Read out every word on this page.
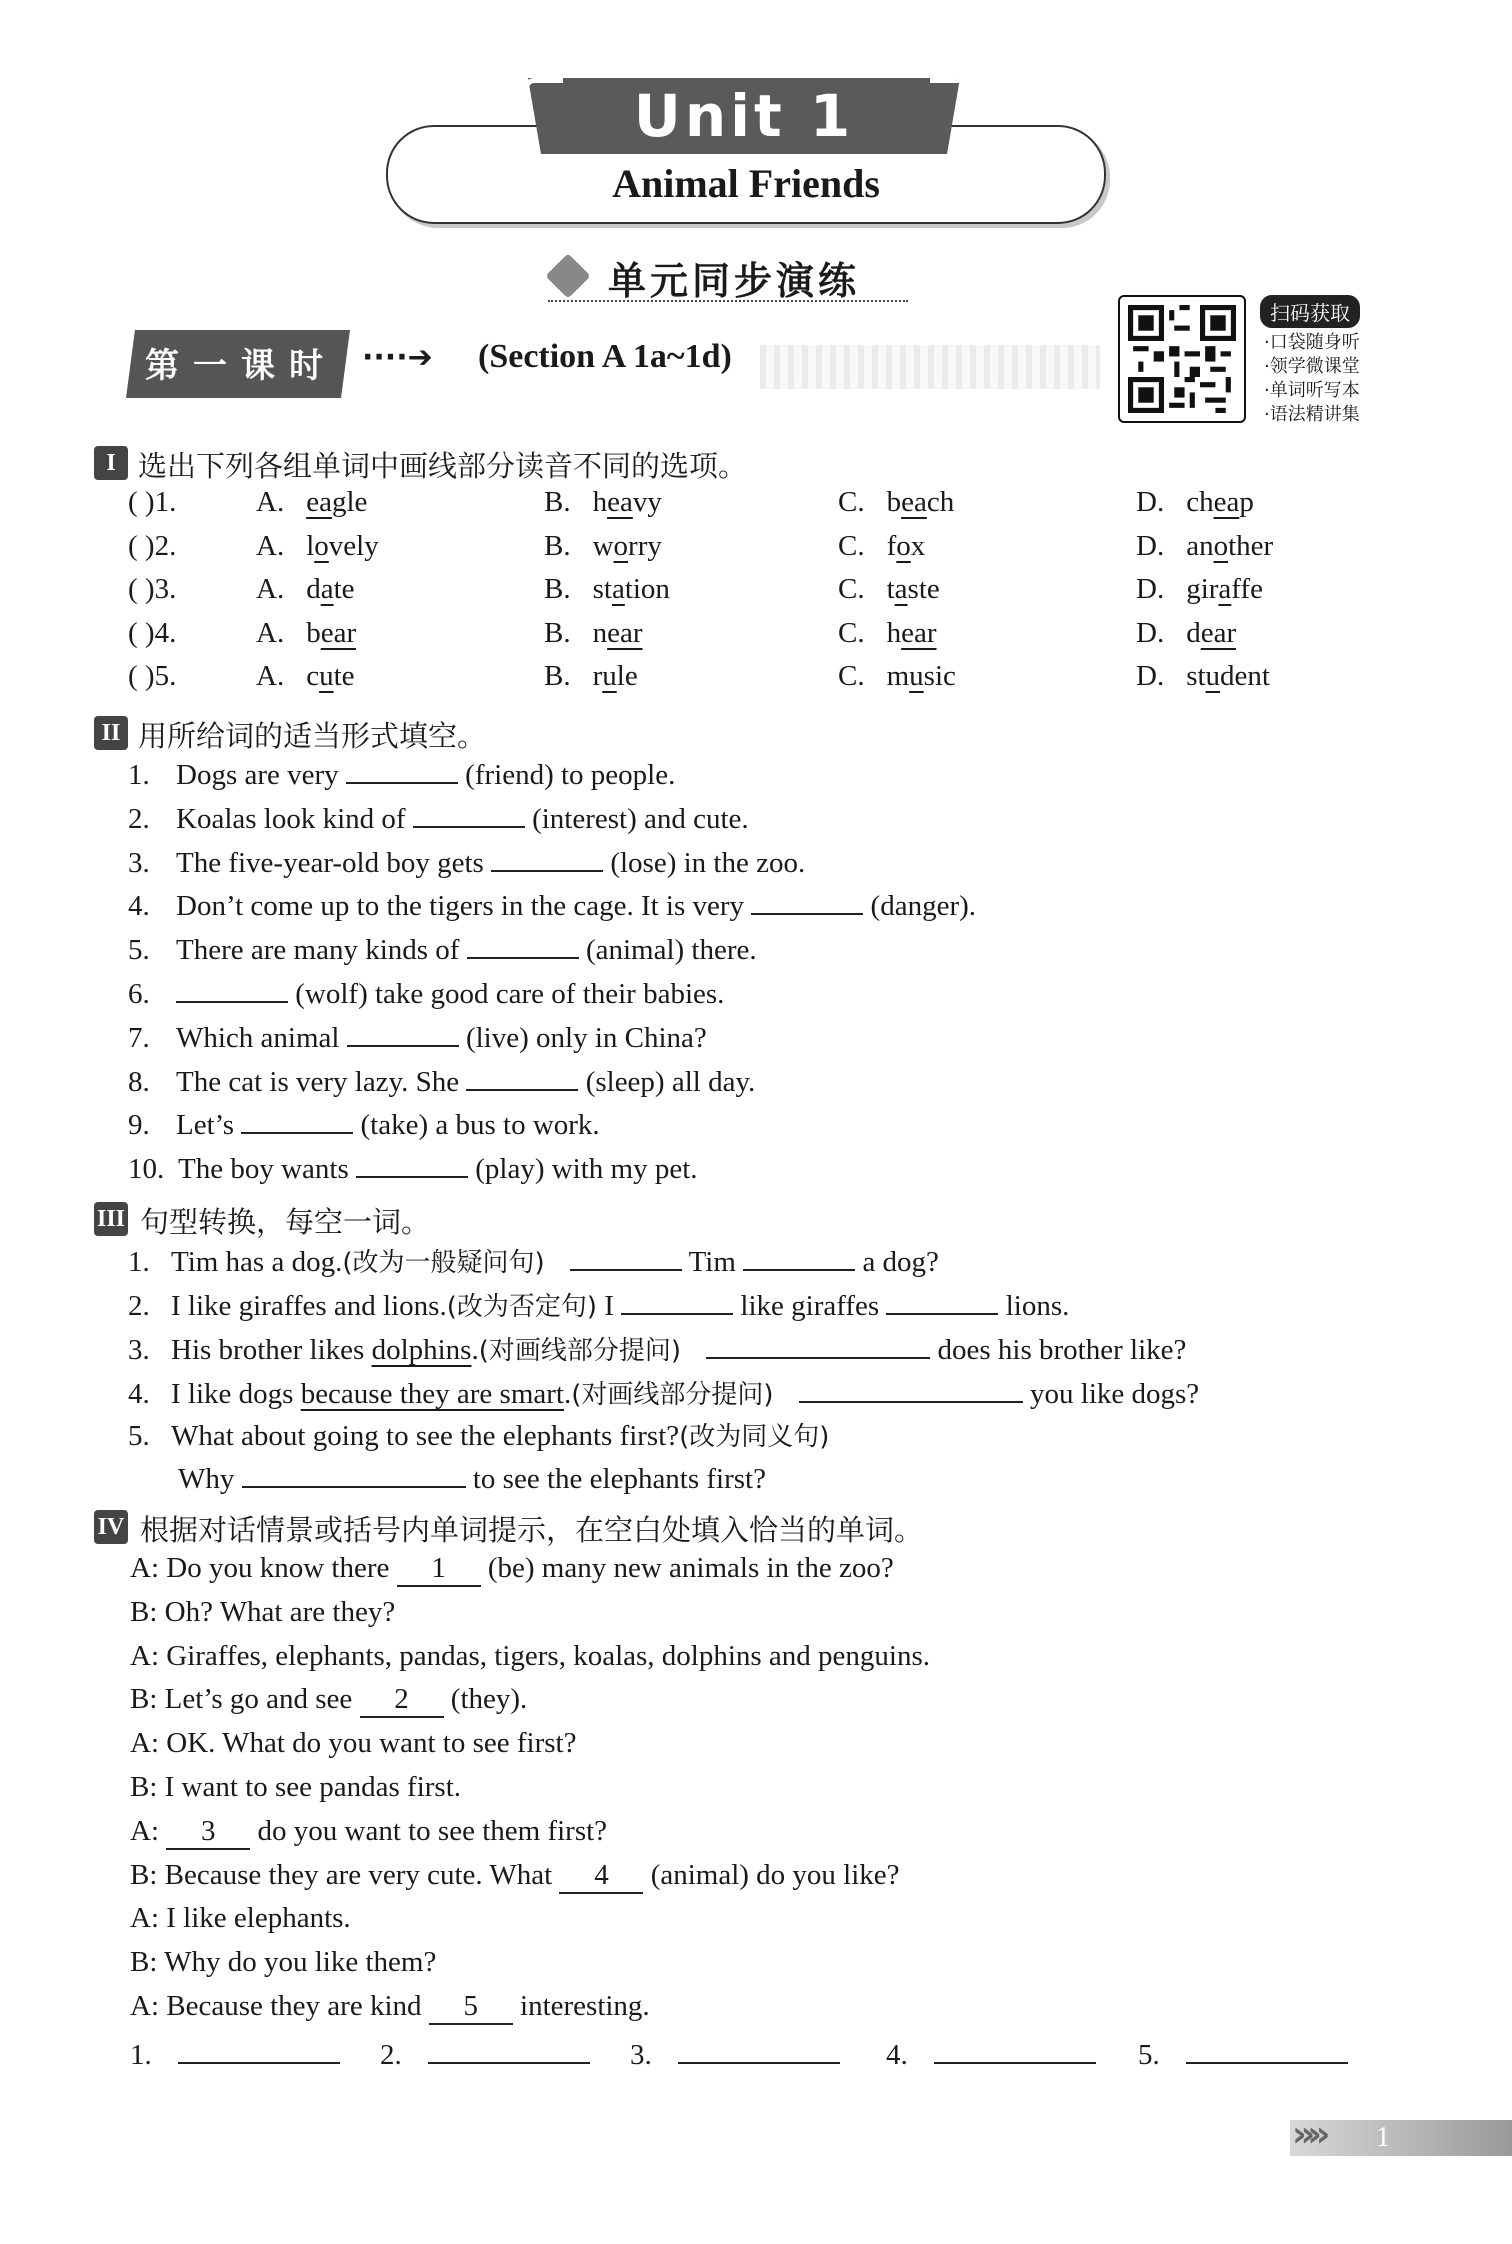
Unit 1
Animal Friends
单元同步演练
扫码获取
·口袋随身听
·领学微课堂
·单词听写本
·语法精讲集
第一课时 ····➔ (Section A 1a~1d)
I 选出下列各组单词中画线部分读音不同的选项。
( )1.	A. eagle	B. heavy	C. beach	D. cheap
( )2.	A. lovely	B. worry	C. fox	D. another
( )3.	A. date	B. station	C. taste	D. giraffe
( )4.	A. bear	B. near	C. hear	D. dear
( )5.	A. cute	B. rule	C. music	D. student
II 用所给词的适当形式填空。
1. Dogs are very	(friend) to people.
2. Koalas look kind of	(interest) and cute.
3. The five-year-old boy gets	(lose) in the zoo.
4. Don’t come up to the tigers in the cage. It is very	(danger).
5. There are many kinds of	(animal) there.
6.	(wolf) take good care of their babies.
7. Which animal	(live) only in China?
8. The cat is very lazy. She	(sleep) all day.
9. Let’s	(take) a bus to work.
10. The boy wants	(play) with my pet.
III 句型转换，每空一词。
1. Tim has a dog.(改为一般疑问句)	Tim	a dog?
2. I like giraffes and lions.(改为否定句) I	like giraffes	lions.
3. His brother likes dolphins.(对画线部分提问)	does his brother like?
4. I like dogs because they are smart.(对画线部分提问)	you like dogs?
5. What about going to see the elephants first?(改为同义句)
Why	to see the elephants first?
IV 根据对话情景或括号内单词提示，在空白处填入恰当的单词。
A: Do you know there 1 (be) many new animals in the zoo?
B: Oh? What are they?
A: Giraffes, elephants, pandas, tigers, koalas, dolphins and penguins.
B: Let’s go and see 2 (they).
A: OK. What do you want to see first?
B: I want to see pandas first.
A: 3 do you want to see them first?
B: Because they are very cute. What 4 (animal) do you like?
A: I like elephants.
B: Why do you like them?
A: Because they are kind 5 interesting.
1.	2.	3.	4.	5.
»» 1
